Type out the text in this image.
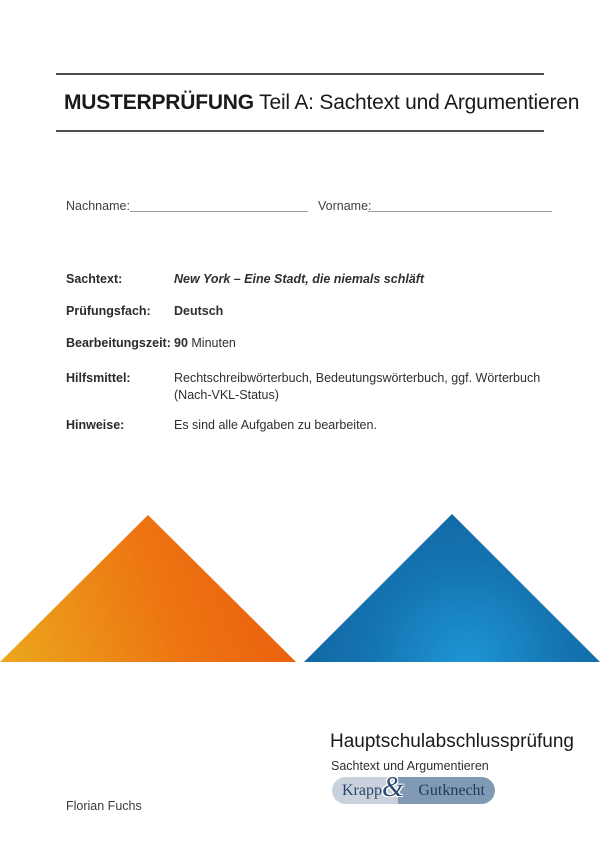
MUSTERPRÜFUNG Teil A: Sachtext und Argumentieren
Nachname:	Vorname:
Sachtext:	New York – Eine Stadt, die niemals schläft
Prüfungsfach: Deutsch
Bearbeitungszeit: 90 Minuten
Hilfsmittel:	Rechtschreibwörterbuch, Bedeutungswörterbuch, ggf. Wörterbuch
(Nach-VKL-Status)
Hinweise:	Es sind alle Aufgaben zu bearbeiten.
Hauptschulabschlussprüfung
Sachtext und Argumentieren
Krapp	Gutknecht
&
Florian Fuchs
